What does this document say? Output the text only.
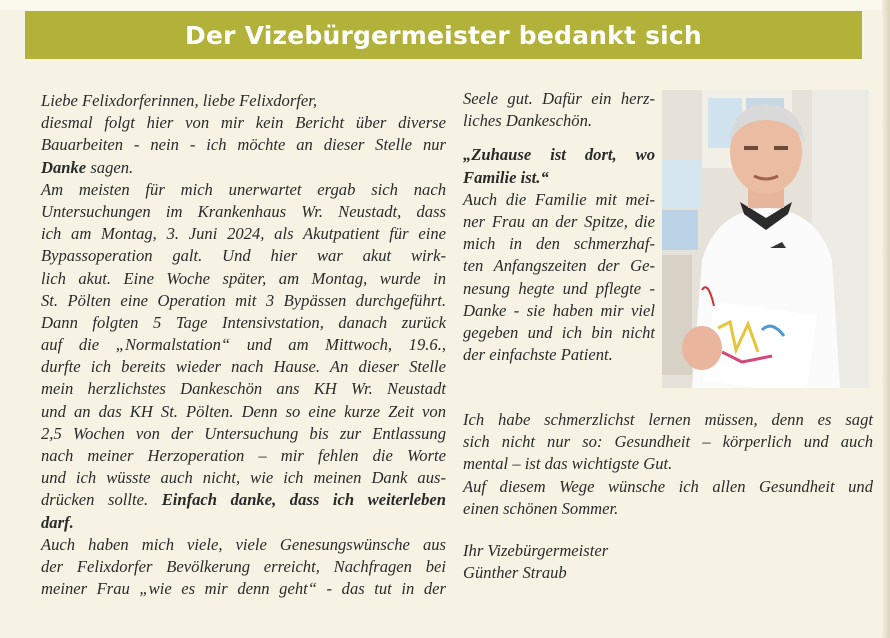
Der Vizebürgermeister bedankt sich
Liebe Felixdorferinnen, liebe Felixdorfer,
diesmal folgt hier von mir kein Bericht über diverse
Bauarbeiten - nein - ich möchte an dieser Stelle nur
Danke sagen.
Am meisten für mich unerwartet ergab sich nach
Untersuchungen im Krankenhaus Wr. Neustadt, dass
ich am Montag, 3. Juni 2024, als Akutpatient für eine
Bypassoperation galt. Und hier war akut wirk-
lich akut. Eine Woche später, am Montag, wurde in
St. Pölten eine Operation mit 3 Bypässen durchgeführt.
Dann folgten 5 Tage Intensivstation, danach zurück
auf die „Normalstation“ und am Mittwoch, 19.6.,
durfte ich bereits wieder nach Hause. An dieser Stelle
mein herzlichstes Dankeschön ans KH Wr. Neustadt
und an das KH St. Pölten. Denn so eine kurze Zeit von
2,5 Wochen von der Untersuchung bis zur Entlassung
nach meiner Herzoperation – mir fehlen die Worte
und ich wüsste auch nicht, wie ich meinen Dank aus-
drücken sollte. Einfach danke, dass ich weiterleben
darf.
Auch haben mich viele, viele Genesungswünsche aus
der Felixdorfer Bevölkerung erreicht, Nachfragen bei
meiner Frau „wie es mir denn geht“ - das tut in der
Seele gut. Dafür ein herz-
liches Dankeschön.
„Zuhause ist dort, wo
Familie ist.“
Auch die Familie mit mei-
ner Frau an der Spitze, die
mich in den schmerzhaf-
ten Anfangszeiten der Ge-
nesung hegte und pflegte -
Danke - sie haben mir viel
gegeben und ich bin nicht
der einfachste Patient.
Ich habe schmerzlichst lernen müssen, denn es sagt
sich nicht nur so: Gesundheit – körperlich und auch
mental – ist das wichtigste Gut.
Auf diesem Wege wünsche ich allen Gesundheit und
einen schönen Sommer.
Ihr Vizebürgermeister
Günther Straub
